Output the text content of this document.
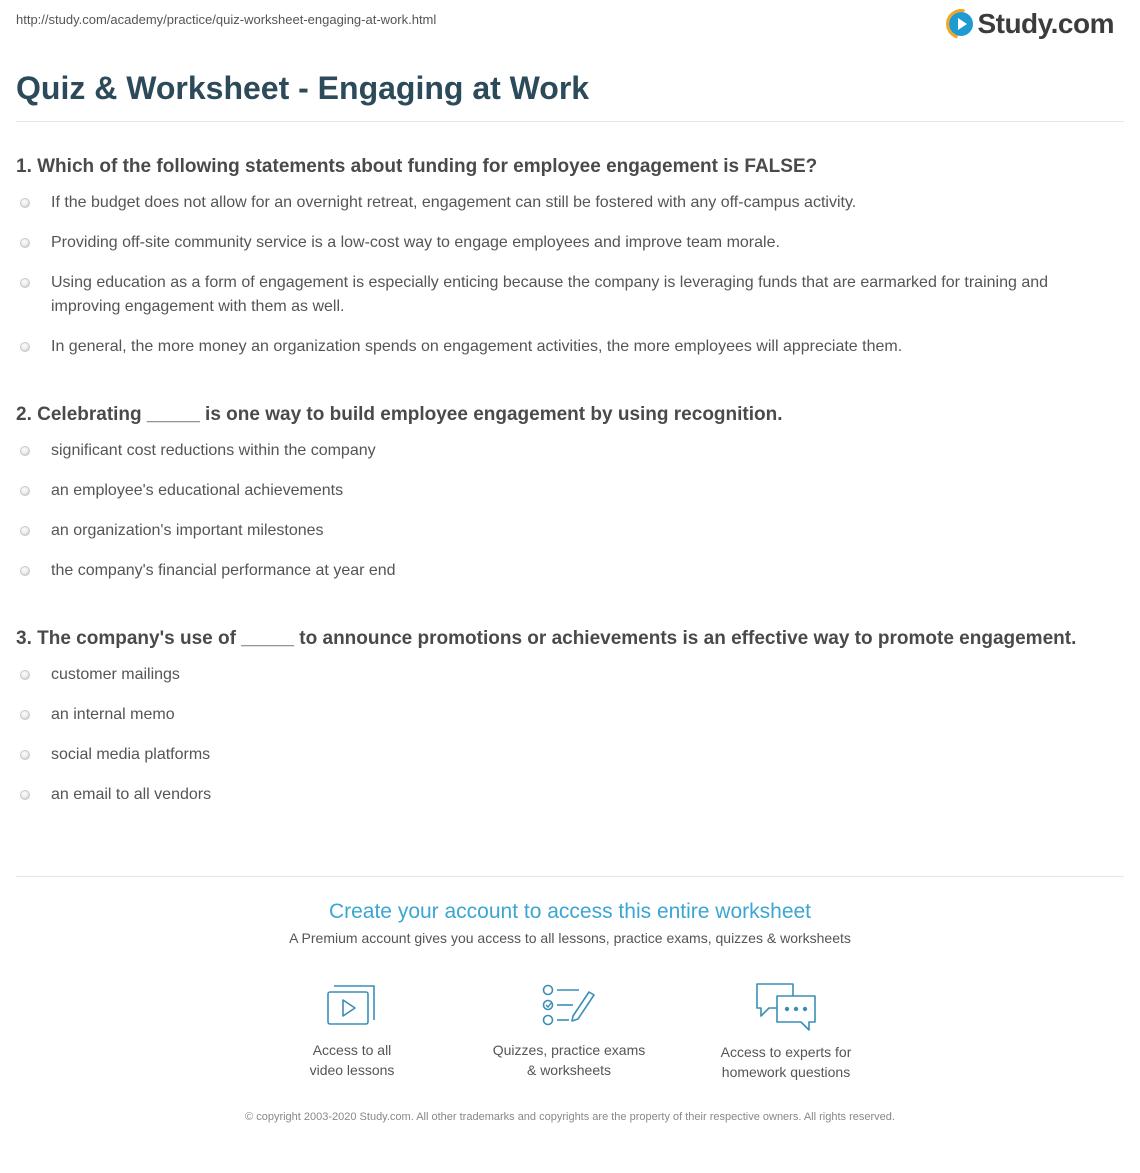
http://study.com/academy/practice/quiz-worksheet-engaging-at-work.html	Study.com
Quiz & Worksheet - Engaging at Work
1. Which of the following statements about funding for employee engagement is FALSE?
If the budget does not allow for an overnight retreat, engagement can still be fostered with any off-campus activity.
Providing off-site community service is a low-cost way to engage employees and improve team morale.
Using education as a form of engagement is especially enticing because the company is leveraging funds that are earmarked for training and improving engagement with them as well.
In general, the more money an organization spends on engagement activities, the more employees will appreciate them.
2. Celebrating _____ is one way to build employee engagement by using recognition.
significant cost reductions within the company
an employee's educational achievements
an organization's important milestones
the company's financial performance at year end
3. The company's use of _____ to announce promotions or achievements is an effective way to promote engagement.
customer mailings
an internal memo
social media platforms
an email to all vendors
Create your account to access this entire worksheet
A Premium account gives you access to all lessons, practice exams, quizzes & worksheets
Access to all
video lessons
Quizzes, practice exams
& worksheets
Access to experts for
homework questions
© copyright 2003-2020 Study.com. All other trademarks and copyrights are the property of their respective owners. All rights reserved.
